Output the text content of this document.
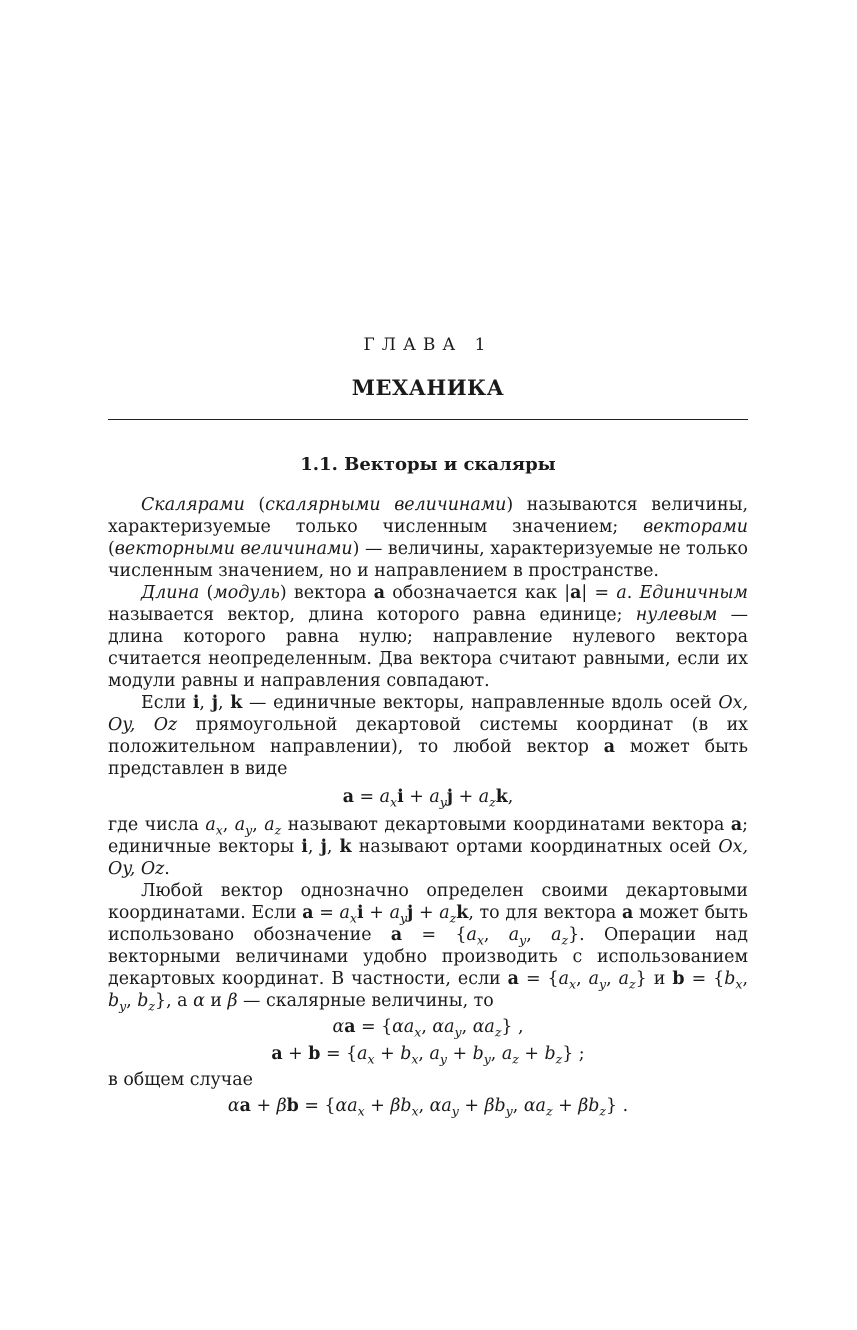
ГЛАВА 1
МЕХАНИКА
1.1. Векторы и скаляры

Скалярами (скалярными величинами) называются величины, характеризуемые только численным значением; векторами (векторными величинами) — величины, характеризуемые не только численным значением, но и направлением в пространстве.

Длина (модуль) вектора a обозначается как |a| = a. Единичным называется вектор, длина которого равна единице; нулевым — длина которого равна нулю; направление нулевого вектора считается неопределенным. Два вектора считают равными, если их модули равны и направления совпадают.

Если i, j, k — единичные векторы, направленные вдоль осей Ox, Oy, Oz прямоугольной декартовой системы координат (в их положительном направлении), то любой вектор a может быть представлен в виде

$a = a_xi + a_yj + a_zk$,

где числа $a_x$, $a_y$, $a_z$ называют декартовыми координатами вектора a; единичные векторы i, j, k называют ортами координатных осей Ox, Oy, Oz.

Любой вектор однозначно определен своими декартовыми координатами. Если $a = a_xi + a_yj + a_zk$, то для вектора a может быть использовано обозначение $a = \{a_x$, $a_y$, $a_z$}. Операции над векторными величинами удобно производить с использованием декартовых координат. В частности, если $a = \{a_x$, $a_y$, $a_z$} и $b = \{b_x$, $b_y$, $b_z$}, а α и β — скалярные величины, то

$\alpha a = \{\alpha a_x$, $\alpha a_y$, $\alpha a_z$} ,
$a + b = \{a_x + b_x$, $a_y + b_y$, $a_z + b_z$} ;

в общем случае

$\alpha a + \beta b = \{\alpha a_x + \beta b_x$, $\alpha a_y + \beta b_y$, $\alpha a_z + \beta b_z$} .
